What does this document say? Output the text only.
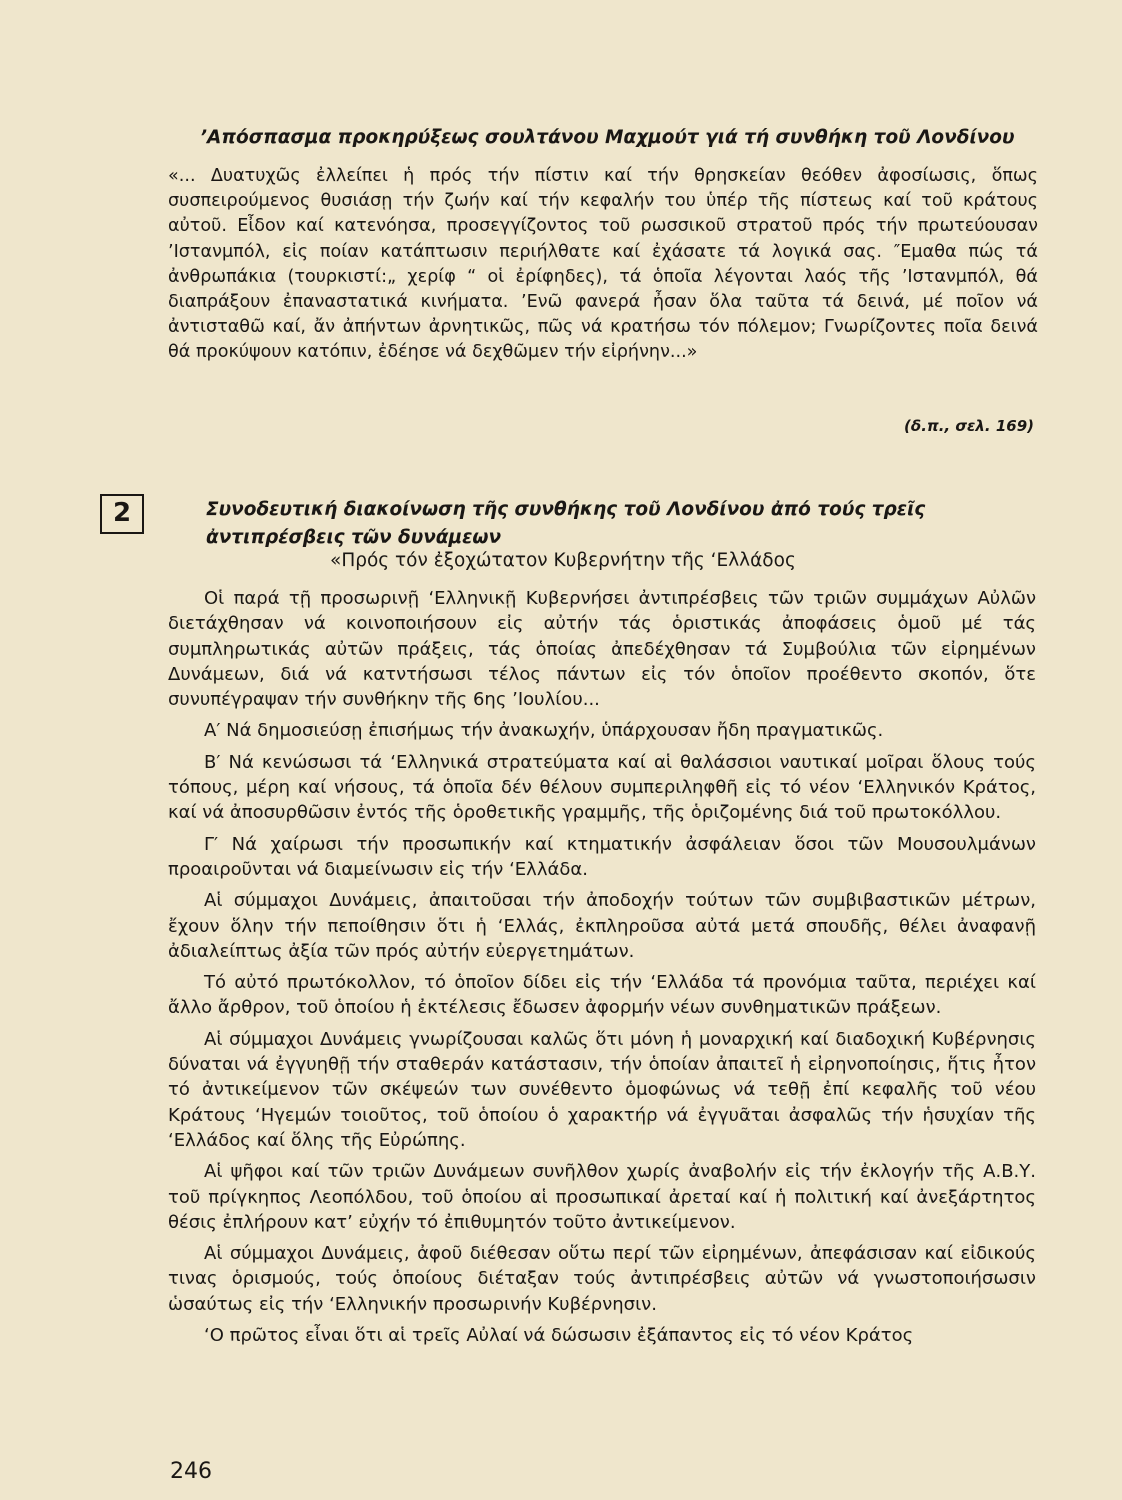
’Απόσπασμα προκηρύξεως σουλτάνου Μαχμούτ γιά τή συνθήκη τοῦ Λονδίνου
«... Δυατυχῶς ἐλλείπει ἡ πρός τήν πίστιν καί τήν θρησκείαν θεόθεν ἀφοσίωσις, ὅπως συσπειρούμενος θυσιάσῃ τήν ζωήν καί τήν κεφαλήν του ὑπέρ τῆς πίστεως καί τοῦ κράτους αὐτοῦ. Εἶδον καί κατενόησα, προσεγγίζοντος τοῦ ρωσσικοῦ στρατοῦ πρός τήν πρωτεύουσαν ’Ιστανμπόλ, εἰς ποίαν κατάπτωσιν περιήλθατε καί ἐχάσατε τά λογικά σας. ″Εμαθα πώς τά ἀνθρωπάκια (τουρκιστί:„ χερίφ “ οἱ ἐρίφηδες), τά ὁποῖα λέγονται λαός τῆς ’Ιστανμπόλ, θά διαπράξουν ἐπαναστατικά κινήματα. ’Ενῶ φανερά ἦσαν ὅλα ταῦτα τά δεινά, μέ ποῖον νά ἀντισταθῶ καί, ἄν ἀπήντων ἀρνητικῶς, πῶς νά κρατήσω τόν πόλεμον; Γνωρίζοντες ποῖα δεινά θά προκύψουν κατόπιν, ἐδέησε νά δεχθῶμεν τήν εἰρήνην...»
(δ.π., σελ. 169)
2	Συνοδευτική διακοίνωση τῆς συνθήκης τοῦ Λονδίνου ἀπό τούς τρεῖς ἀντιπρέσβεις τῶν δυνάμεων
«Πρός τόν ἐξοχώτατον Κυβερνήτην τῆς ‘Ελλάδος

Οἱ παρά τῇ προσωρινῇ ‘Ελληνικῇ Κυβερνήσει ἀντιπρέσβεις τῶν τριῶν συμμάχων Αὐλῶν διετάχθησαν νά κοινοποιήσουν εἰς αὐτήν τάς ὁριστικάς ἀποφάσεις ὁμοῦ μέ τάς συμπληρωτικάς αὐτῶν πράξεις, τάς ὁποίας ἀπεδέχθησαν τά Συμβούλια τῶν εἰρημένων Δυνάμεων, διά νά κατντήσωσι τέλος πάντων εἰς τόν ὁποῖον προέθεντο σκοπόν, ὅτε συνυπέγραψαν τήν συνθήκην τῆς 6ης ’Ιουλίου...

Α′ Νά δημοσιεύσῃ ἐπισήμως τήν ἀνακωχήν, ὑπάρχουσαν ἤδη πραγματικῶς.

Β′ Νά κενώσωσι τά ‘Ελληνικά στρατεύματα καί αἱ θαλάσσιοι ναυτικαί μοῖραι ὅλους τούς τόπους, μέρη καί νήσους, τά ὁποῖα δέν θέλουν συμπεριληφθῆ εἰς τό νέον ‘Ελληνικόν Κράτος, καί νά ἀποσυρθῶσιν ἐντός τῆς ὁροθετικῆς γραμμῆς, τῆς ὁριζομένης διά τοῦ πρωτοκόλλου.

Γ′ Νά χαίρωσι τήν προσωπικήν καί κτηματικήν ἀσφάλειαν ὅσοι τῶν Μουσουλμάνων προαιροῦνται νά διαμείνωσιν εἰς τήν ‘Ελλάδα.

Αἱ σύμμαχοι Δυνάμεις, ἀπαιτοῦσαι τήν ἀποδοχήν τούτων τῶν συμβιβαστικῶν μέτρων, ἔχουν ὅλην τήν πεποίθησιν ὅτι ἡ ‘Ελλάς, ἐκπληροῦσα αὐτά μετά σπουδῆς, θέλει ἀναφανῇ ἀδιαλείπτως ἀξία τῶν πρός αὐτήν εὐεργετημάτων.

Τό αὐτό πρωτόκολλον, τό ὁποῖον δίδει εἰς τήν ‘Ελλάδα τά προνόμια ταῦτα, περιέχει καί ἄλλο ἄρθρον, τοῦ ὁποίου ἡ ἐκτέλεσις ἔδωσεν ἀφορμήν νέων συνθηματικῶν πράξεων.

Αἱ σύμμαχοι Δυνάμεις γνωρίζουσαι καλῶς ὅτι μόνη ἡ μοναρχική καί διαδοχική Κυβέρνησις δύναται νά ἐγγυηθῇ τήν σταθεράν κατάστασιν, τήν ὁποίαν ἀπαιτεῖ ἡ εἰρηνοποίησις, ἥτις ἦτον τό ἀντικείμενον τῶν σκέψεών των συνέθεντο ὁμοφώνως νά τεθῇ ἐπί κεφαλῆς τοῦ νέου Κράτους ‘Ηγεμών τοιοῦτος, τοῦ ὁποίου ὁ χαρακτήρ νά ἐγγυᾶται ἀσφαλῶς τήν ἡσυχίαν τῆς ‘Ελλάδος καί ὅλης τῆς Εὐρώπης.

Αἱ ψῆφοι καί τῶν τριῶν Δυνάμεων συνῆλθον χωρίς ἀναβολήν εἰς τήν ἐκλογήν τῆς Α.Β.Υ. τοῦ πρίγκηπος Λεοπόλδου, τοῦ ὁποίου αἱ προσωπικαί ἀρεταί καί ἡ πολιτική καί ἀνεξάρτητος θέσις ἐπλήρουν κατ’ εὐχήν τό ἐπιθυμητόν τοῦτο ἀντικείμενον.

Αἱ σύμμαχοι Δυνάμεις, ἀφοῦ διέθεσαν οὕτω περί τῶν εἰρημένων, ἀπεφάσισαν καί εἰδικούς τινας ὁρισμούς, τούς ὁποίους διέταξαν τούς ἀντιπρέσβεις αὐτῶν νά γνωστοποιήσωσιν ὡσαύτως εἰς τήν ‘Ελληνικήν προσωρινήν Κυβέρνησιν.

‘Ο πρῶτος εἶναι ὅτι αἱ τρεῖς Αὐλαί νά δώσωσιν ἐξάπαντος εἰς τό νέον Κράτος

246
